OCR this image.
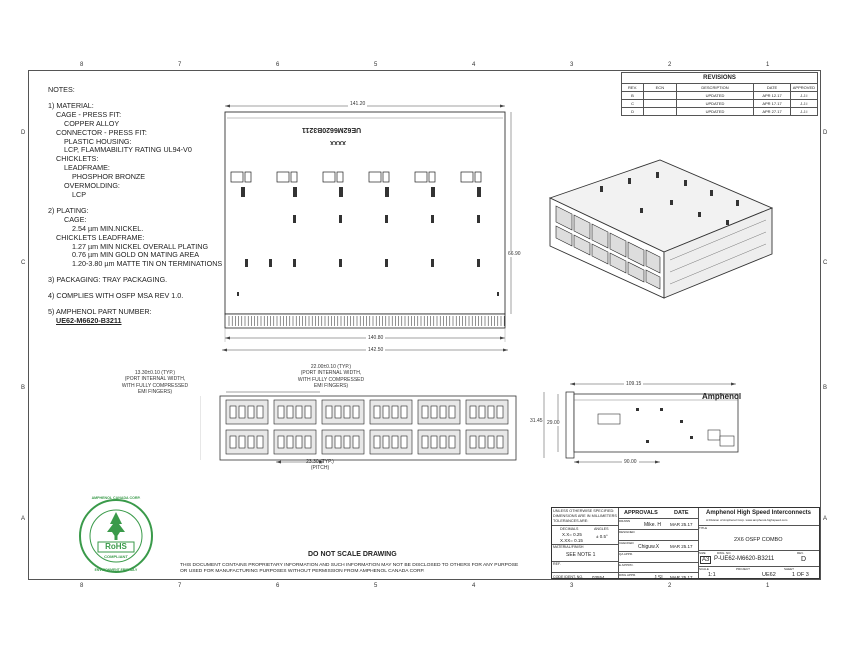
8	7	6	5	4	3	2	1
8	7	6	5	4	3	2	1
D
C
B
A
D
C
B
A
NOTES:
1) MATERIAL:
CAGE - PRESS FIT:
COPPER ALLOY
CONNECTOR - PRESS FIT:
PLASTIC HOUSING:
LCP, FLAMMABILITY RATING UL94-V0
CHICKLETS:
LEADFRAME:
PHOSPHOR BRONZE
OVERMOLDING:
LCP
2) PLATING:
CAGE:
2.54 µm MIN.NICKEL.
CHICKLETS LEADFRAME:
1.27 µm MIN NICKEL OVERALL PLATING
0.76 µm MIN GOLD ON MATING AREA
1.20-3.80 µm MATTE TIN ON TERMINATIONS
3) PACKAGING: TRAY PACKAGING.
4) COMPLIES WITH OSFP MSA REV 1.0.
5) AMPHENOL PART NUMBER:
UE62-M6620-B3211
REVISIONS
REV.	ECN	DESCRIPTION	DATE	APPROVED
B		UPDATED	APR 12.17	J.J.I
C		UPDATED	APR 17.17	J.J.I
D		UPDATED	APR 27.17	J.J.I
141.20
UE62M6620B3211
XXXX
66.90
140.80
142.50
13.30±0.10 (TYP.)
(PORT INTERNAL WIDTH,
WITH FULLY COMPRESSED
EMI FINGERS)
22.00±0.10 (TYP.)
(PORT INTERNAL WIDTH,
WITH FULLY COMPRESSED
EMI FINGERS)
23.30 (TYP.)
(PITCH)
109.15
31.45 29.00
90.00
Amphenol
AMPHENOL CANADA CORP.
RoHS
COMPLIANT
ENVIRONMENT FRIENDLY
DO NOT SCALE DRAWING
THIS DOCUMENT CONTAINS PROPRIETARY INFORMATION AND SUCH INFORMATION MAY NOT BE DISCLOSED TO OTHERS FOR ANY PURPOSE
OR USED FOR MANUFACTURING PURPOSES WITHOUT PERMISSION FROM AMPHENOL CANADA CORP.
UNLESS OTHERWISE SPECIFIED: DIMENSIONS ARE IN MILLIMETERS TOLERANCES ARE:
DECIMALS	ANGLES
X.X= 0.25
X.XX= 0.15
± 0.5°
MATERIAL/FINISH
SEE NOTE 1
REF.
CODE IDENT. NO. 03554
APPROVALS	DATE
DRAWN
Mike. H MAR 25.17
DESIGNED
CHECKED
Chiguw.X MAR 25.17
QA APPR.
E APPR'D.
DWG APPR.	J.SI MAR 25.17
Amphenol High Speed Interconnects
A Division of Amphenol Corp. www.amphenol-highspeed.com
TITLE
2X6 OSFP COMBO
SIZE
A3
DWG. NO.
P-UE62-M6620-B3211
REV.
D
SCALE
1:1
PROJECT
UE62
SHEET
1 OF 3
